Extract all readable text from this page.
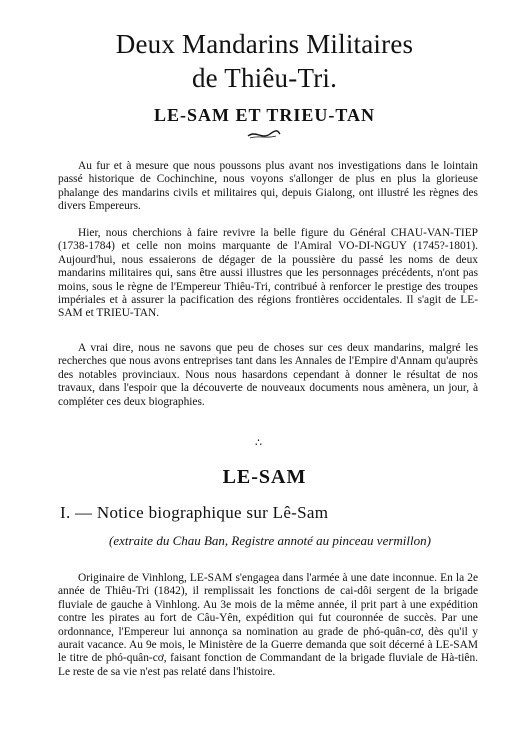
Deux Mandarins Militaires
de Thiêu-Tri.
LE-SAM ET TRIEU-TAN

Au fur et à mesure que nous poussons plus avant nos investigations dans le lointain passé historique de Cochinchine, nous voyons s'allonger de plus en plus la glorieuse phalange des mandarins civils et militaires qui, depuis Gialong, ont illustré les règnes des divers Empereurs.

Hier, nous cherchions à faire revivre la belle figure du Général CHAU-VAN-TIEP (1738-1784) et celle non moins marquante de l'Amiral VO-DI-NGUY (1745?-1801). Aujourd'hui, nous essaierons de dégager de la poussière du passé les noms de deux mandarins militaires qui, sans être aussi illustres que les personnages précédents, n'ont pas moins, sous le règne de l'Empereur Thiêu-Tri, contribué à renforcer le prestige des troupes impériales et à assurer la pacification des régions frontières occidentales. Il s'agit de LE-SAM et TRIEU-TAN.

A vrai dire, nous ne savons que peu de choses sur ces deux mandarins, malgré les recherches que nous avons entreprises tant dans les Annales de l'Empire d'Annam qu'auprès des notables provinciaux. Nous nous hasardons cependant à donner le résultat de nos travaux, dans l'espoir que la découverte de nouveaux documents nous amènera, un jour, à compléter ces deux biographies.

∴
LE-SAM
I. — Notice biographique sur Lê-Sam
(extraite du Chau Ban, Registre annoté au pinceau vermillon)

Originaire de Vinhlong, LE-SAM s'engagea dans l'armée à une date inconnue. En la 2e année de Thiêu-Tri (1842), il remplissait les fonctions de cai-dôi sergent de la brigade fluviale de gauche à Vinhlong. Au 3e mois de la même année, il prit part à une expédition contre les pirates au fort de Câu-Yên, expédition qui fut couronnée de succès. Par une ordonnance, l'Empereur lui annonça sa nomination au grade de phó-quân-cơ, dès qu'il y aurait vacance. Au 9e mois, le Ministère de la Guerre demanda que soit décerné à LE-SAM le titre de phó-quân-cơ, faisant fonction de Commandant de la brigade fluviale de Hà-tiên. Le reste de sa vie n'est pas relaté dans l'histoire.
